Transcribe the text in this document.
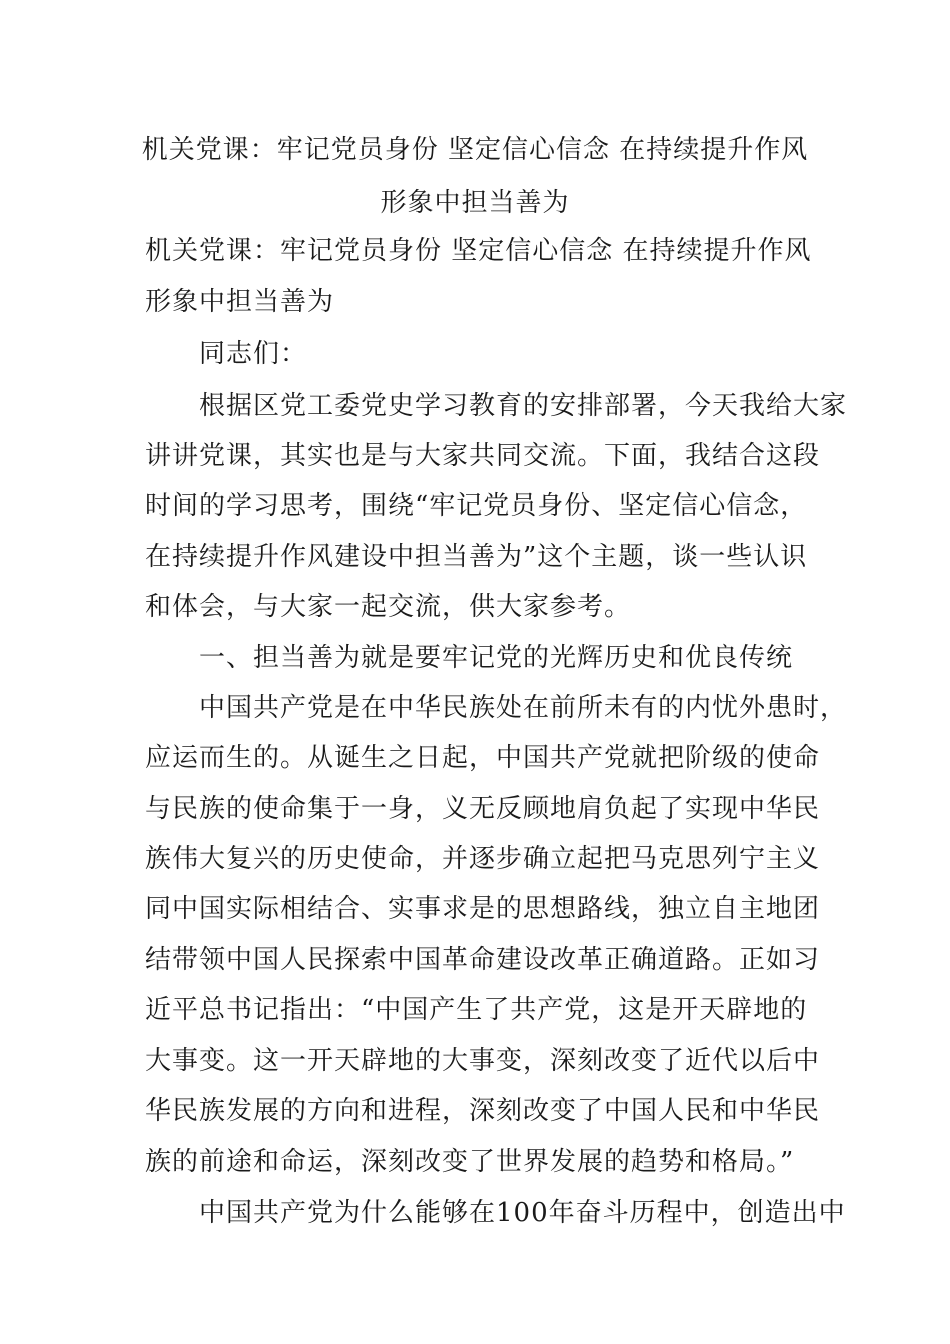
机关党课：牢记党员身份 坚定信心信念 在持续提升作风
形象中担当善为
机关党课：牢记党员身份 坚定信心信念 在持续提升作风
形象中担当善为
　　同志们：
　　根据区党工委党史学习教育的安排部署，今天我给大家
讲讲党课，其实也是与大家共同交流。下面，我结合这段
时间的学习思考，围绕“牢记党员身份、坚定信心信念，
在持续提升作风建设中担当善为”这个主题，谈一些认识
和体会，与大家一起交流，供大家参考。
　　一、担当善为就是要牢记党的光辉历史和优良传统
　　中国共产党是在中华民族处在前所未有的内忧外患时，
应运而生的。从诞生之日起，中国共产党就把阶级的使命
与民族的使命集于一身，义无反顾地肩负起了实现中华民
族伟大复兴的历史使命，并逐步确立起把马克思列宁主义
同中国实际相结合、实事求是的思想路线，独立自主地团
结带领中国人民探索中国革命建设改革正确道路。正如习
近平总书记指出：“中国产生了共产党，这是开天辟地的
大事变。这一开天辟地的大事变，深刻改变了近代以后中
华民族发展的方向和进程，深刻改变了中国人民和中华民
族的前途和命运，深刻改变了世界发展的趋势和格局。”
　　中国共产党为什么能够在100年奋斗历程中，创造出中
